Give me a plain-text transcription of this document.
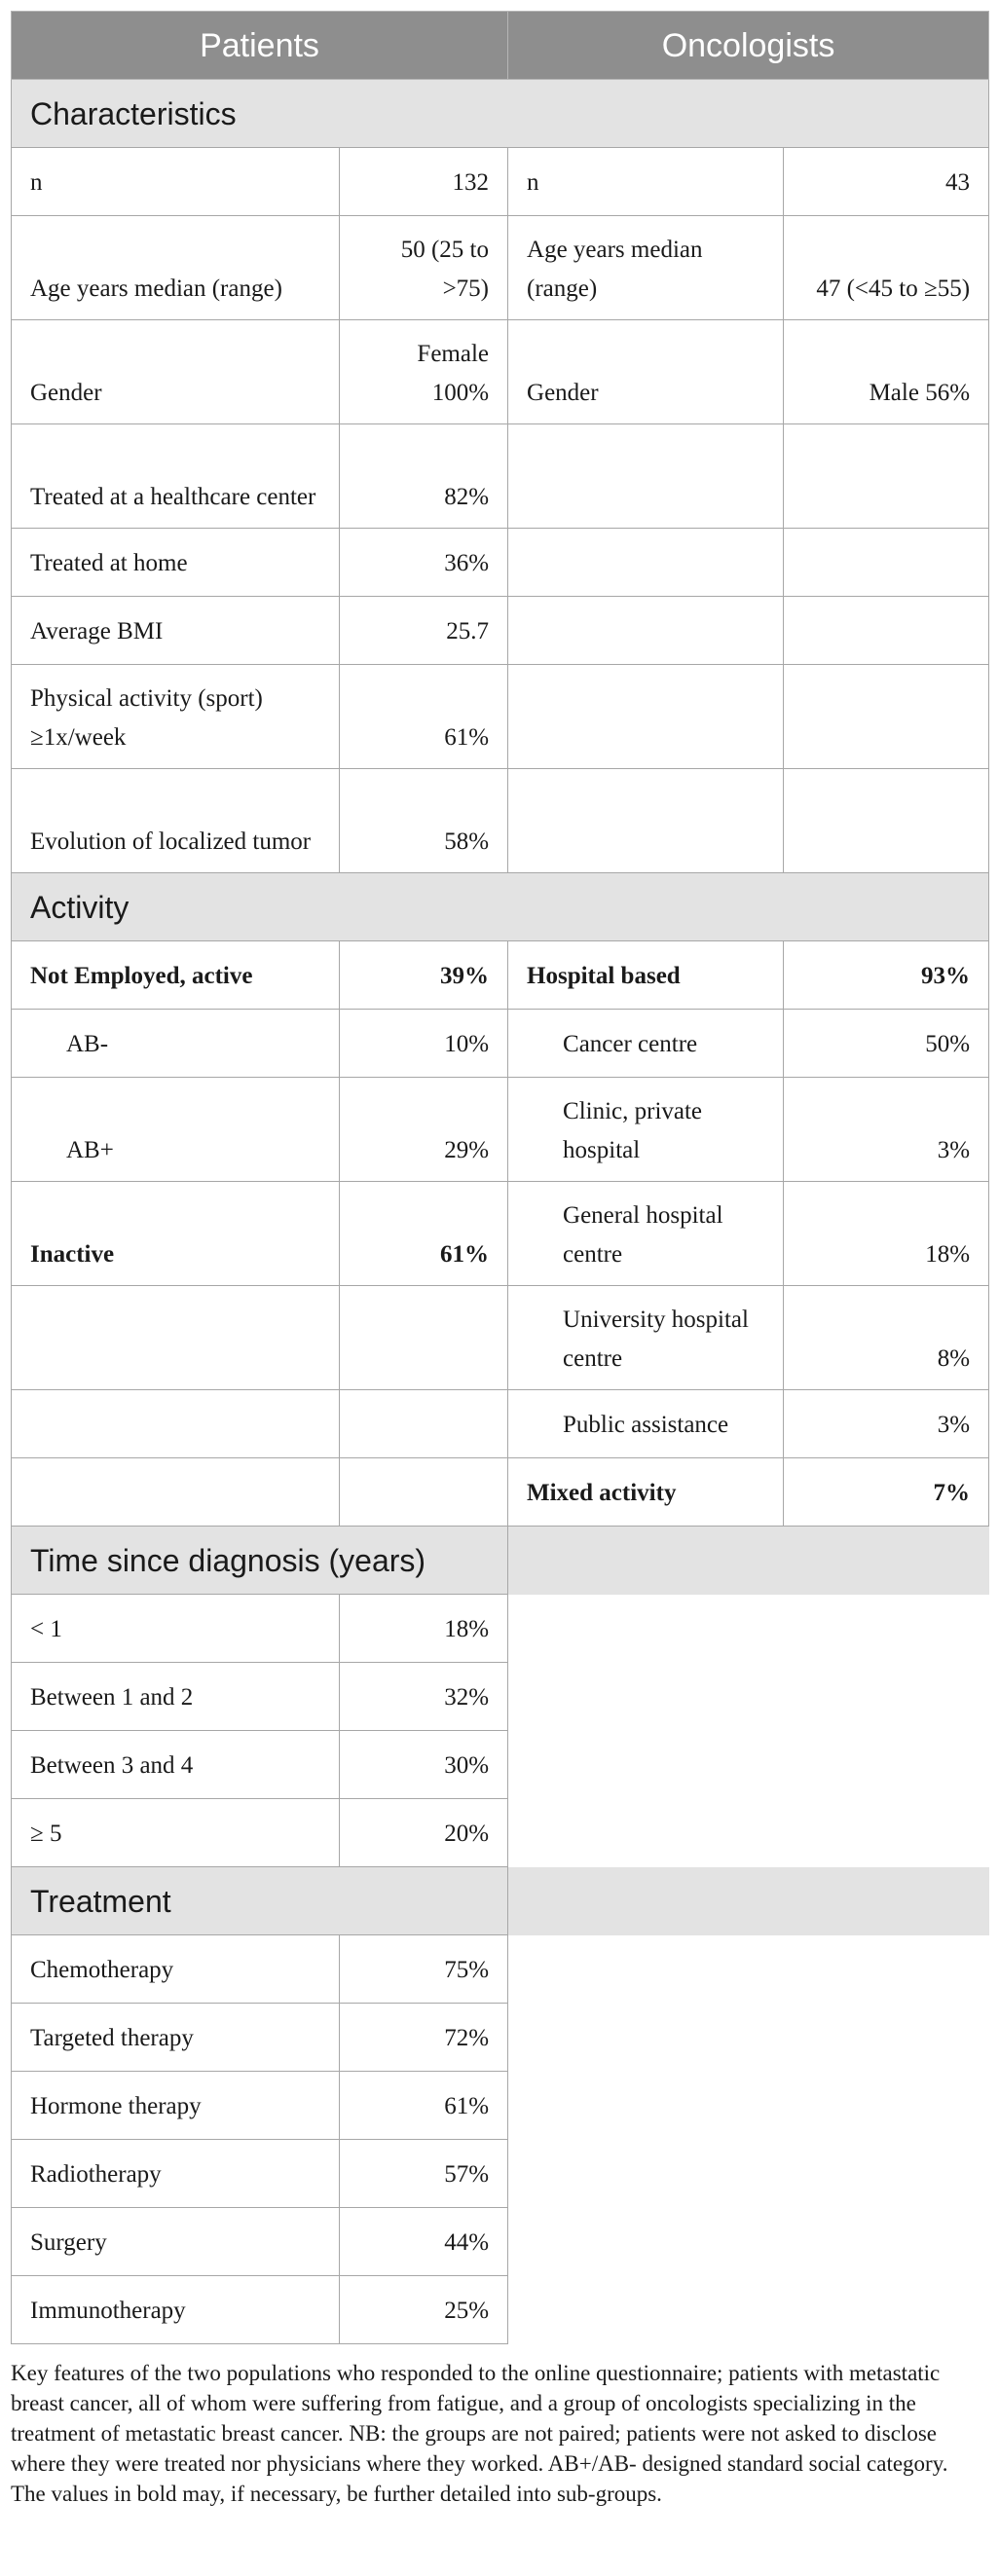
Patients		Oncologists	
Characteristics			
n	132	n	43
Age years median (range)	50 (25 to >75)	Age years median (range)	47 (<45 to ≥55)
Gender	Female 100%	Gender	Male 56%
Treated at a healthcare center	82%		
Treated at home	36%		
Average BMI	25.7		
Physical activity (sport) ≥1x/week	61%		
Evolution of localized tumor	58%		
Activity			
Not Employed, active	39%	Hospital based	93%
AB-	10%	Cancer centre	50%
AB+	29%	Clinic, private hospital	3%
Inactive	61%	General hospital centre	18%
		University hospital centre	8%
		Public assistance	3%
		Mixed activity	7%
Time since diagnosis (years)			
< 1	18%		
Between 1 and 2	32%		
Between 3 and 4	30%		
≥ 5	20%		
Treatment			
Chemotherapy	75%		
Targeted therapy	72%		
Hormone therapy	61%		
Radiotherapy	57%		
Surgery	44%		
Immunotherapy	25%		

Key features of the two populations who responded to the online questionnaire; patients with metastatic breast cancer, all of whom were suffering from fatigue, and a group of oncologists specializing in the treatment of metastatic breast cancer. NB: the groups are not paired; patients were not asked to disclose where they were treated nor physicians where they worked. AB+/AB- designed standard social category.

The values in bold may, if necessary, be further detailed into sub-groups.
